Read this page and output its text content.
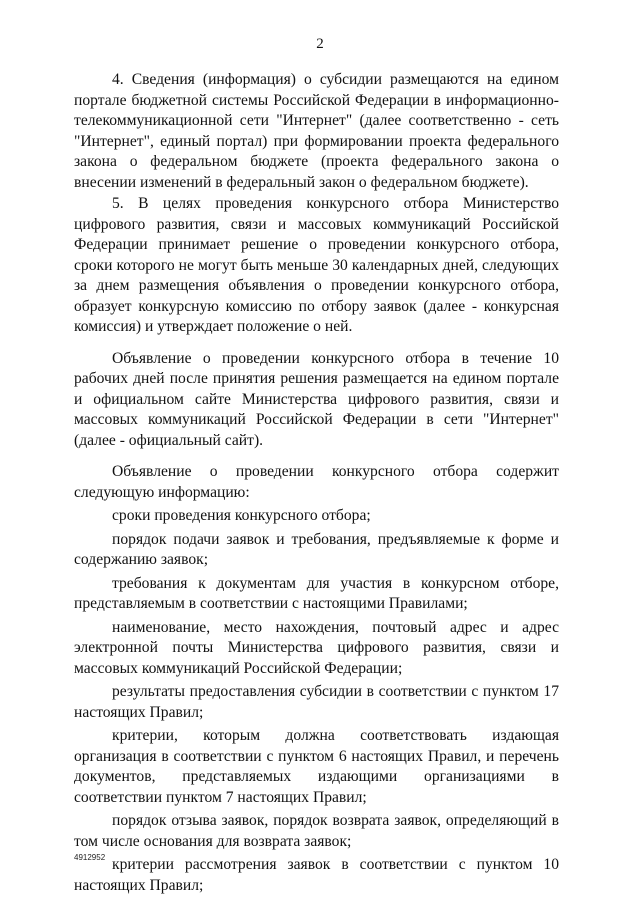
2

4. Сведения (информация) о субсидии размещаются на едином портале бюджетной системы Российской Федерации в информационно-телекоммуникационной сети "Интернет" (далее соответственно - сеть "Интернет", единый портал) при формировании проекта федерального закона о федеральном бюджете (проекта федерального закона о внесении изменений в федеральный закон о федеральном бюджете).

5. В целях проведения конкурсного отбора Министерство цифрового развития, связи и массовых коммуникаций Российской Федерации принимает решение о проведении конкурсного отбора, сроки которого не могут быть меньше 30 календарных дней, следующих за днем размещения объявления о проведении конкурсного отбора, образует конкурсную комиссию по отбору заявок (далее - конкурсная комиссия) и утверждает положение о ней.

Объявление о проведении конкурсного отбора в течение 10 рабочих дней после принятия решения размещается на едином портале и официальном сайте Министерства цифрового развития, связи и массовых коммуникаций Российской Федерации в сети "Интернет" (далее - официальный сайт).

Объявление о проведении конкурсного отбора содержит следующую информацию:

сроки проведения конкурсного отбора;

порядок подачи заявок и требования, предъявляемые к форме и содержанию заявок;

требования к документам для участия в конкурсном отборе, представляемым в соответствии с настоящими Правилами;

наименование, место нахождения, почтовый адрес и адрес электронной почты Министерства цифрового развития, связи и массовых коммуникаций Российской Федерации;

результаты предоставления субсидии в соответствии с пунктом 17 настоящих Правил;

критерии, которым должна соответствовать издающая организация в соответствии с пунктом 6 настоящих Правил, и перечень документов, представляемых издающими организациями в соответствии пунктом 7 настоящих Правил;

порядок отзыва заявок, порядок возврата заявок, определяющий в том числе основания для возврата заявок;

критерии рассмотрения заявок в соответствии с пунктом 10 настоящих Правил;

4912952
